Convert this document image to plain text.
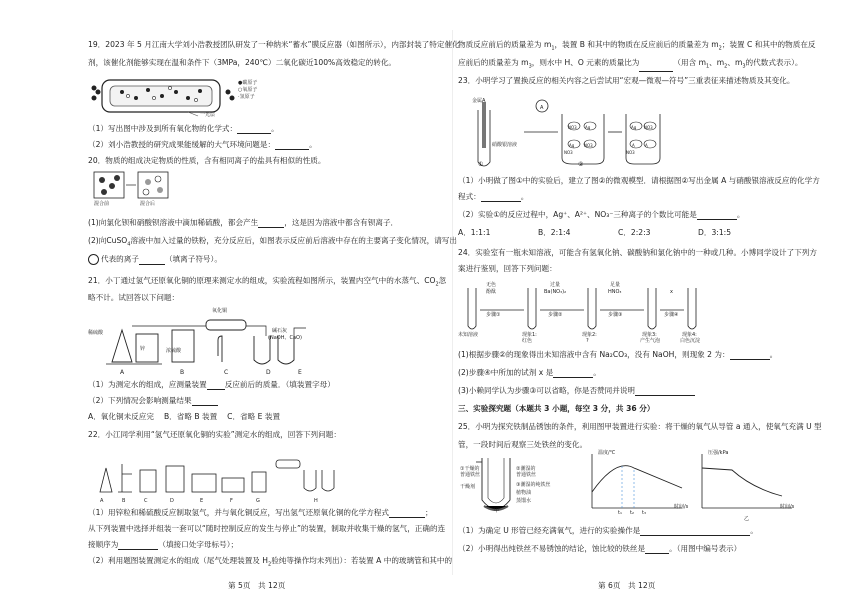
19．2023 年 5 月江南大学刘小浩教授团队研发了一种纳米“蓄水”膜反应器（如图所示），内部封装了特定催化
剂，该催化剂能够实现在温和条件下（3MPa，240℃）二氧化碳近100%高效稳定的转化。
●碳原子
○氧原子
·氢原子
一光层
（1）写出图中涉及到所有氧化物的化学式：	。
（2）刘小浩教授的研究成果能缓解的大气环境问题是：	。
20．物质的组成决定物质的性质，含有相同离子的盐具有相似的性质。
混合前	混合后
(1)向氯化钡和硝酸钡溶液中滴加稀硫酸，都会产生	，这是因为溶液中都含有钡离子．
(2)向CuSO$_4$溶液中加入过量的铁粉，充分反应后，如图表示反应前后溶液中存在的主要离子变化情况，请写出
代表的离子	（填离子符号）。
21．小丁通过氢气还原氧化铜的原理来测定水的组成，实验流程如图所示，装置内空气中的水蒸气、$CO_2$忽
略不计。试回答以下问题：
稀硫酸
锌	浓硫酸
氧化铜
碱石灰
(NaOH、CaO)
A	B	C	D	E
（1）为测定水的组成，应测量装置 反应前后的质量．（填装置字母）
（2）下列情况会影响测量结果
A．氧化铜未反应完　 B．省略 B 装置　 C．省略 E 装置
22．小江同学利用“氢气还原氧化铜的实验”测定水的组成，回答下列问题：
A	B	C	D	E	F	G	H
（1）用锌粒和稀硫酸反应制取氢气，并与氧化铜反应，写出氢气还原氧化铜的化学方程式	；
从下列装置中选择并组装一套可以“随时控制反应的发生与停止”的装置，制取并收集干燥的氢气，正确的连
接顺序为	（填接口处字母标号）；
（2）利用题图装置测定水的组成（尾气处理装置及 $H_2$验纯等操作均未列出）：若装置 A 中的玻璃管和其中的
第 5页　共 12页
物质反应前后的质量差为 $m_1$，装置 B 和其中的物质在反应前后的质量差为 $m_2$；装置 C 和其中的物质在反
应前后的质量差为 $m_3$，则水中 H、O 元素的质量比为	（用含 $m_1$、$m_2$、$m_3$的代数式表示）。
23．小明学习了置换反应的相关内容之后尝试用“宏观—微观—符号”三重表征来描述物质及其变化。
金属A
硝酸银溶液
①	②
A
NO3 Ag
Ag NO3
Ag NO3
A	A
NO3	NO3
（1）小明做了图①中的实验后，建立了图②的微观模型．请根据图②写出金属 A 与硝酸银溶液反应的化学方
程式：	。
（2）实验①的反应过程中，Ag⁺、A²⁺、NO₃⁻三种离子的个数比可能是	。
A．1:1:1	B．2:1:4	C．2:2:3	D．3:1:5
24．实验室有一瓶未知溶液，可能含有氢氧化钠、碳酸钠和氯化钠中的一种或几种。小博同学设计了下列方
案进行鉴别，回答下列问题：
无色
酚酞
过量
Ba(NO₃)₂
足量
HNO₃	x
步骤①	步骤②	步骤③	步骤④
未知溶液	现象1:
红色
现象2:
?
现象3:
产生气泡
现象4:
白色沉淀
(1)根据步骤②的现象得出未知溶液中含有 Na₂CO₃，没有 NaOH，则现象 2 为：	。
(2)步骤④中所加的试剂 x 是	。
(3)小赖同学认为步骤③可以省略，你是否赞同并说明
三、实验探究题（本题共 3 小题，每空 3 分，共 36 分）
25．小明为探究铁制品锈蚀的条件，利用图甲装置进行实验：将干燥的氧气从导管 a 通入，使氧气充满 U 型
管，一段时间后观察三处铁丝的变化。
①干燥的
普通铁丝
干燥剂
②潮湿的
普通铁丝
③潮湿的纯铁丝
植物油
蒸馏水
甲
温度/℃	压强/kPa
时间/s
t₁ t₂ t₃
时间/s
乙
（1）为确定 U 形管已经充满氧气，进行的实验操作是	。
（2）小明得出纯铁丝不易锈蚀的结论，蚀比较的铁丝是	。（用图中编号表示）
第 6页　共 12页
